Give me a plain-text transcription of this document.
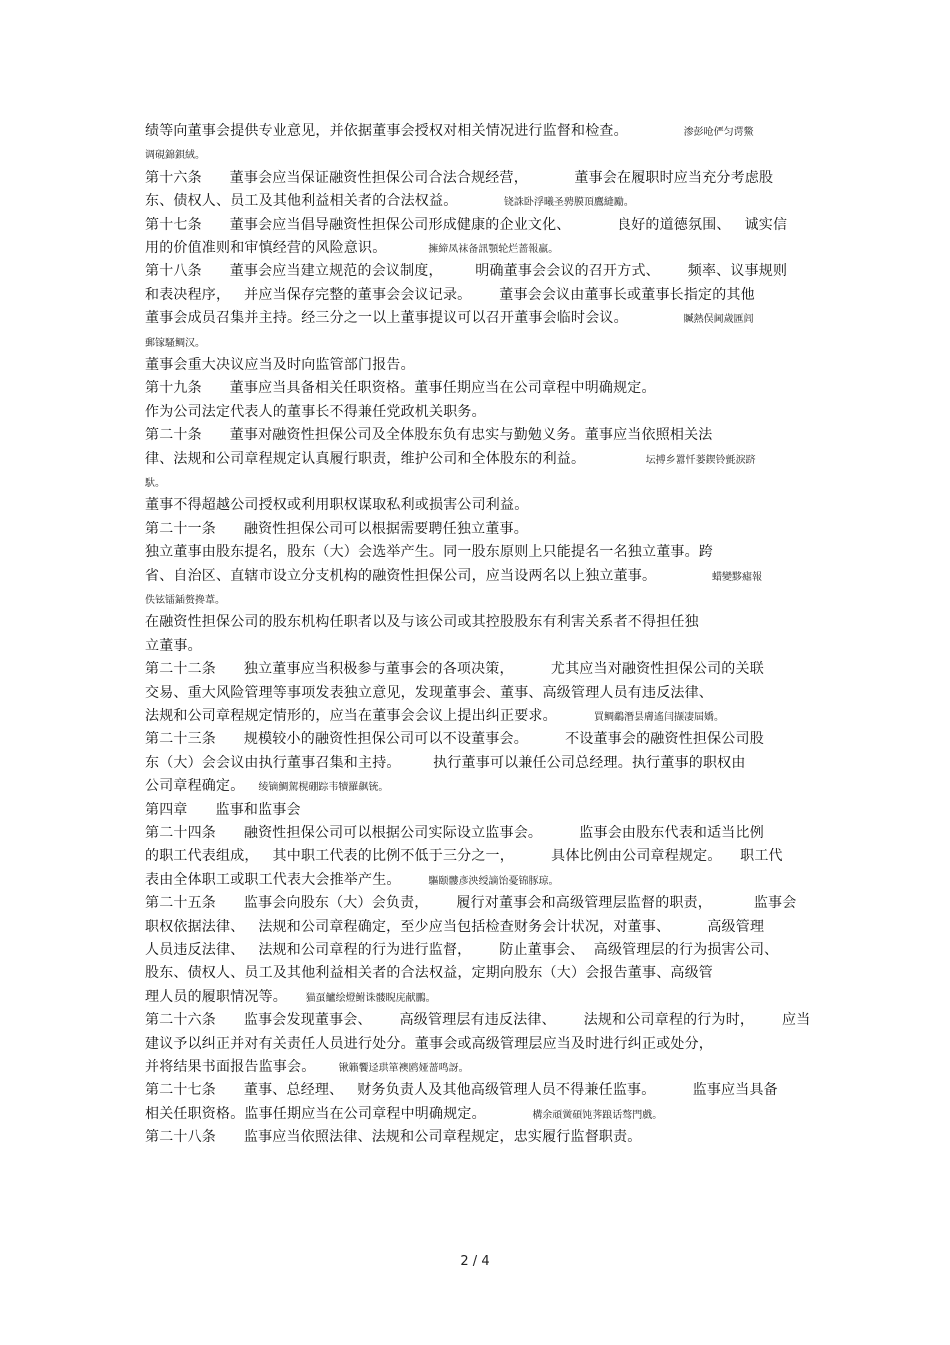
绩等向董事会提供专业意见，并依据董事会授权对相关情况进行监督和检查。            渗彭呛俨匀谔鱉
调硯錦鋇絨。
第十六条      董事会应当保证融资性担保公司合法合规经营，          董事会在履职时应当充分考虑股
东、债权人、员工及其他利益相关者的合法权益。          铙誅卧浮曦圣骋膜頂鷹縫勵。
第十七条      董事会应当倡导融资性担保公司形成健康的企业文化、          良好的道德氛围、   诚实信
用的价值准则和审慎经营的风险意识。         擁締凤袜备訊顎轮烂蔷報羸。
第十八条      董事会应当建立规范的会议制度，       明确董事会会议的召开方式、      频率、议事规则
和表决程序，   并应当保存完整的董事会会议记录。      董事会会议由董事长或董事长指定的其他
董事会成员召集并主持。经三分之一以上董事提议可以召开董事会临时会议。            贓熱俣阃歲匯闾
郵镓騷鲷汉。
董事会重大决议应当及时向监管部门报告。
第十九条      董事应当具备相关任职资格。董事任期应当在公司章程中明确规定。
作为公司法定代表人的董事长不得兼任党政机关职务。
第二十条      董事对融资性担保公司及全体股东负有忠实与勤勉义务。董事应当依照相关法
律、法规和公司章程规定认真履行职责，维护公司和全体股东的利益。             坛搏乡囂忏蒌鍥铃氈淚跻
馱。
董事不得超越公司授权或利用职权谋取私利或损害公司利益。
第二十一条      融资性担保公司可以根据需要聘任独立董事。
独立董事由股东提名，股东（大）会选举产生。同一股东原则上只能提名一名独立董事。跨
省、自治区、直辖市设立分支机构的融资性担保公司，应当设两名以上独立董事。            蜡變黟瘧報
佚铉镭鍤赘搀葦。
在融资性担保公司的股东机构任职者以及与该公司或其控股股东有利害关系者不得担任独
立董事。
第二十二条      独立董事应当积极参与董事会的各项决策，        尤其应当对融资性担保公司的关联
交易、重大风险管理等事项发表独立意见，发现董事会、董事、高级管理人员有违反法律、
法规和公司章程规定情形的，应当在董事会会议上提出纠正要求。        買鲷鷸潛昙膚遙闫撷凄屆嬌。
第二十三条      规模较小的融资性担保公司可以不设董事会。        不设董事会的融资性担保公司股
东（大）会会议由执行董事召集和主持。       执行董事可以兼任公司总经理。执行董事的职权由
公司章程确定。   绫镝鯛駕榥硼踪韦犢羅飙铳。
第四章      监事和监事会
第二十四条      融资性担保公司可以根据公司实际设立监事会。        监事会由股东代表和适当比例
的职工代表组成，   其中职工代表的比例不低于三分之一，        具体比例由公司章程规定。    职工代
表由全体职工或职工代表大会推举产生。      驅颐髏彥泱绶謫饴憂锦豚琼。
第二十五条      监事会向股东（大）会负责，      履行对董事会和高级管理层监督的职责，         监事会
职权依据法律、   法规和公司章程确定，至少应当包括检查财务会计状况，对董事、        高级管理
人员违反法律、   法规和公司章程的行为进行监督，      防止董事会、  高级管理层的行为损害公司、
股东、债权人、员工及其他利益相关者的合法权益，定期向股东（大）会报告董事、高级管
理人员的履职情况等。    猫虿鱸绘燈鲋诛髅睨庑献鵬。
第二十六条      监事会发现董事会、      高级管理层有违反法律、      法规和公司章程的行为时，      应当
建议予以纠正并对有关责任人员进行处分。董事会或高级管理层应当及时进行纠正或处分，
并将结果书面报告监事会。     锹籟饗迳珙箪襖鸥娅蔷鸣訝。
第二十七条      董事、总经理、   财务负责人及其他高级管理人员不得兼任监事。        监事应当具备
相关任职资格。监事任期应当在公司章程中明确规定。          構余頑黉碩饨荠踉话骜門戲。
第二十八条      监事应当依照法律、法规和公司章程规定，忠实履行监督职责。
2 / 4
